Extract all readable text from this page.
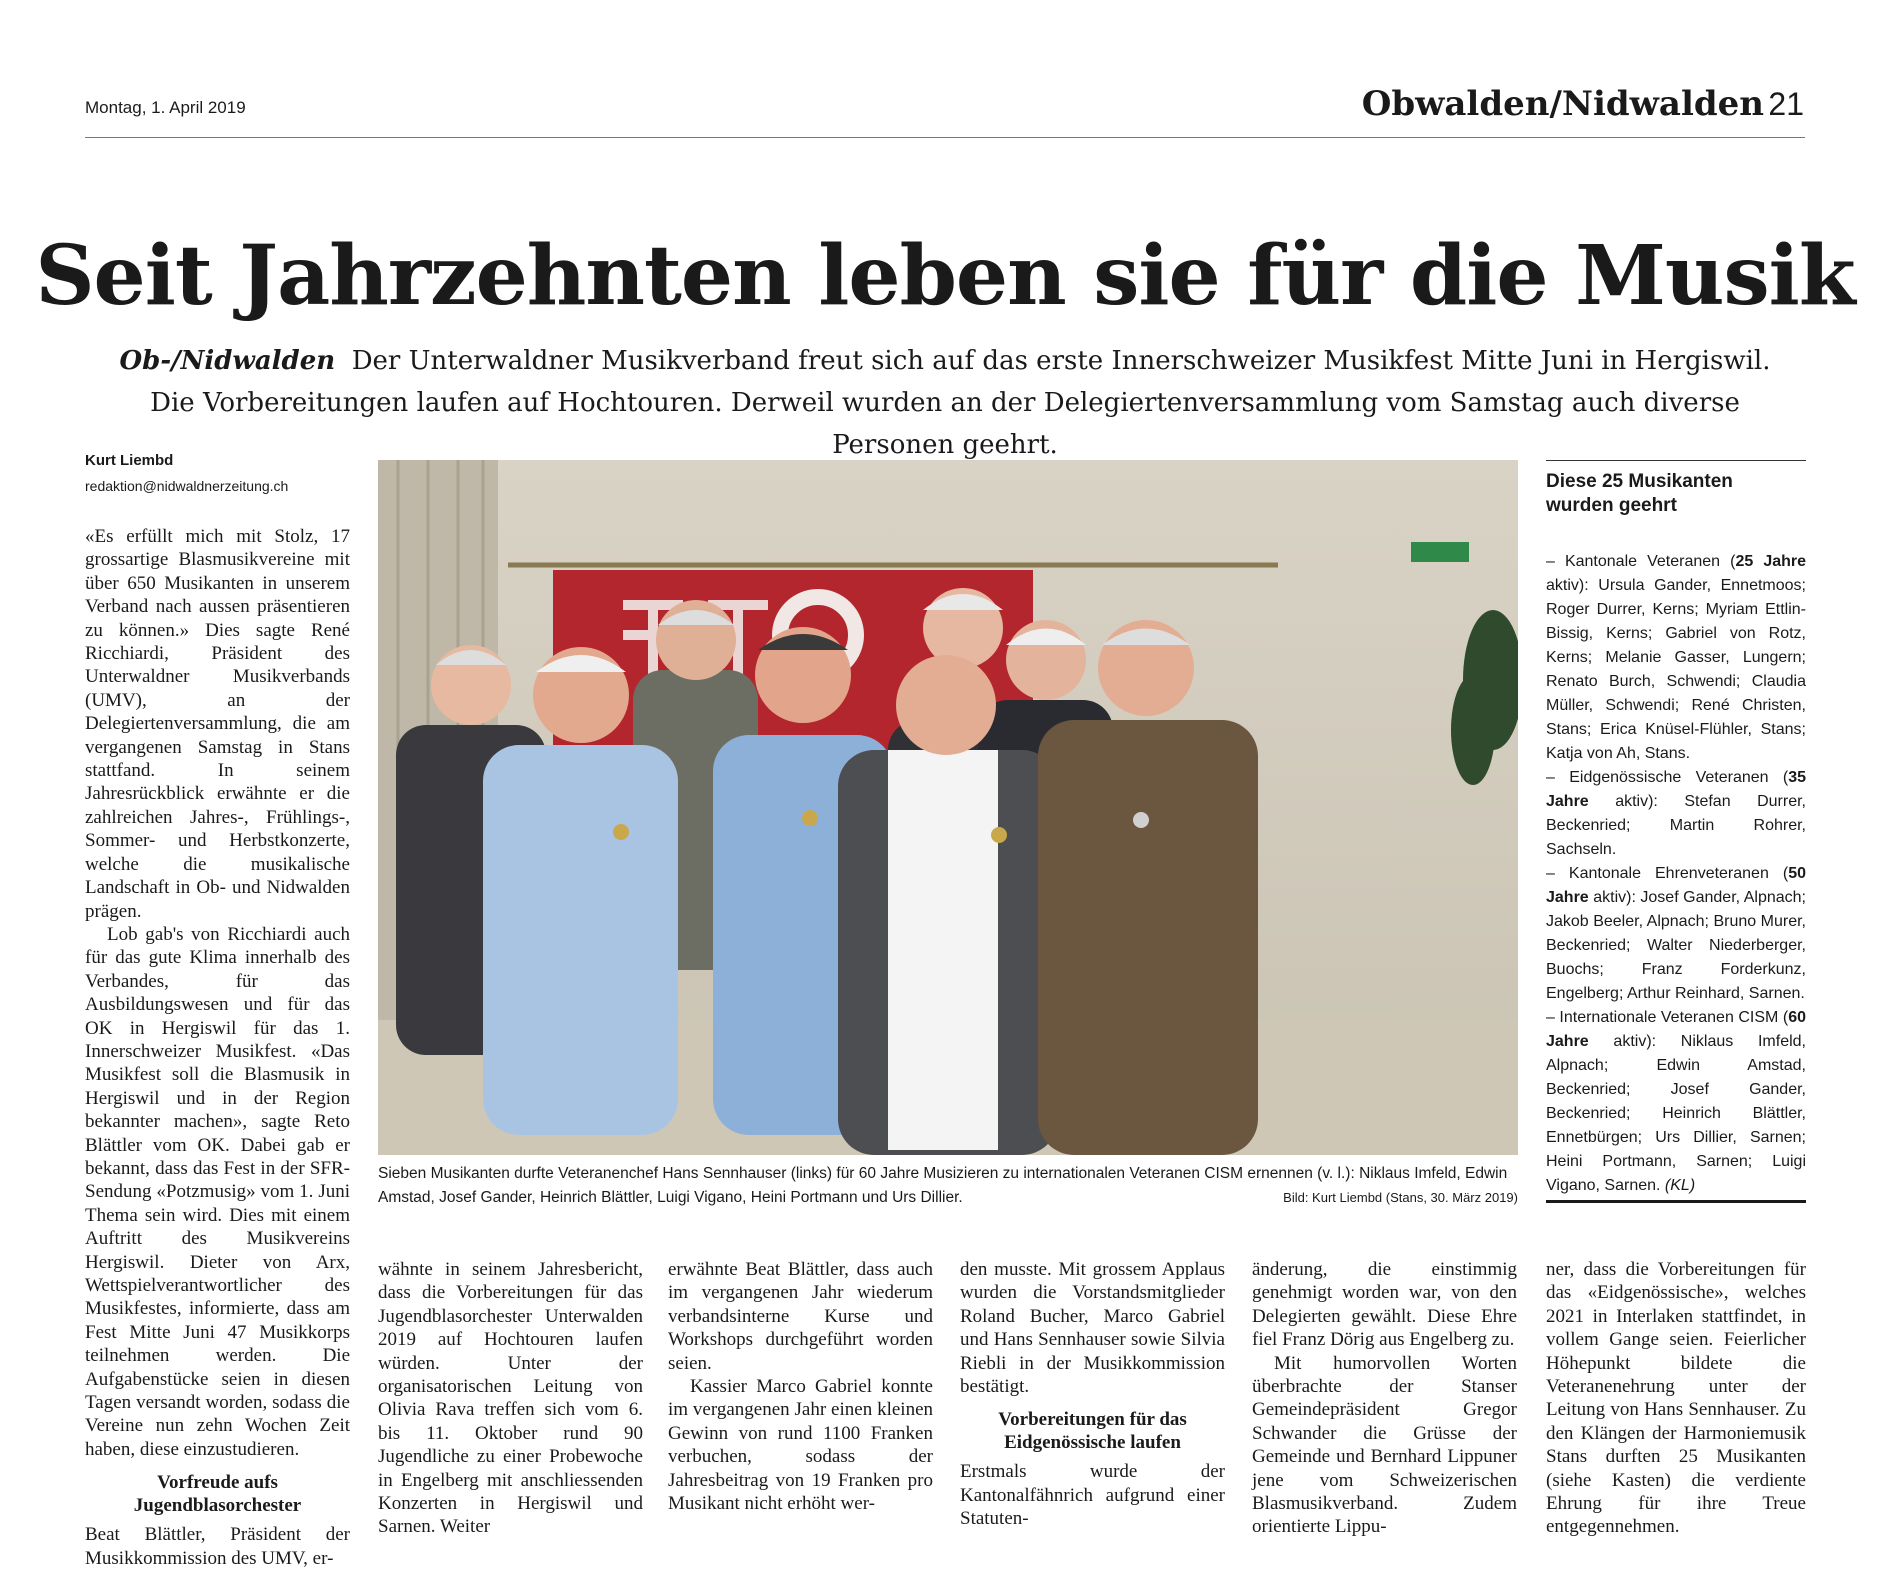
Montag, 1. April 2019	Obwalden/Nidwalden 21
Seit Jahrzehnten leben sie für die Musik
Ob-/Nidwalden Der Unterwaldner Musikverband freut sich auf das erste Innerschweizer Musikfest Mitte Juni in Hergiswil. Die Vorbereitungen laufen auf Hochtouren. Derweil wurden an der Delegiertenversammlung vom Samstag auch diverse Personen geehrt.
Kurt Liembd
redaktion@nidwaldnerzeitung.ch

«Es erfüllt mich mit Stolz, 17 grossartige Blasmusikvereine mit über 650 Musikanten in unserem Verband nach aussen präsentieren zu können.» Dies sagte René Ricchiardi, Präsident des Unterwaldner Musikverbands (UMV), an der Delegiertenversammlung, die am vergangenen Samstag in Stans stattfand. In seinem Jahresrückblick erwähnte er die zahlreichen Jahres-, Frühlings-, Sommer- und Herbstkonzerte, welche die musikalische Landschaft in Ob- und Nidwalden prägen.

Lob gab's von Ricchiardi auch für das gute Klima innerhalb des Verbandes, für das Ausbildungswesen und für das OK in Hergiswil für das 1. Innerschweizer Musikfest. «Das Musikfest soll die Blasmusik in Hergiswil und in der Region bekannter machen», sagte Reto Blättler vom OK. Dabei gab er bekannt, dass das Fest in der SFR-Sendung «Potzmusig» vom 1. Juni Thema sein wird. Dies mit einem Auftritt des Musikvereins Hergiswil. Dieter von Arx, Wettspielverantwortlicher des Musikfestes, informierte, dass am Fest Mitte Juni 47 Musikkorps teilnehmen werden. Die Aufgabenstücke seien in diesen Tagen versandt worden, sodass die Vereine nun zehn Wochen Zeit haben, diese einzustudieren.

Vorfreude aufs Jugendblasorchester

Beat Blättler, Präsident der Musikkommission des UMV, er-

Sieben Musikanten durfte Veteranenchef Hans Sennhauser (links) für 60 Jahre Musizieren zu internationalen Veteranen CISM ernennen (v. l.): Niklaus Imfeld, Edwin Amstad, Josef Gander, Heinrich Blättler, Luigi Vigano, Heini Portmann und Urs Dillier.	Bild: Kurt Liembd (Stans, 30. März 2019)

wähnte in seinem Jahresbericht, dass die Vorbereitungen für das Jugendblasorchester Unterwalden 2019 auf Hochtouren laufen würden. Unter der organisatorischen Leitung von Olivia Rava treffen sich vom 6. bis 11. Oktober rund 90 Jugendliche zu einer Probewoche in Engelberg mit anschliessenden Konzerten in Hergiswil und Sarnen. Weiter

erwähnte Beat Blättler, dass auch im vergangenen Jahr wiederum verbandsinterne Kurse und Workshops durchgeführt worden seien.

Kassier Marco Gabriel konnte im vergangenen Jahr einen kleinen Gewinn von rund 1100 Franken verbuchen, sodass der Jahresbeitrag von 19 Franken pro Musikant nicht erhöht wer-

den musste. Mit grossem Applaus wurden die Vorstandsmitglieder Roland Bucher, Marco Gabriel und Hans Sennhauser sowie Silvia Riebli in der Musikkommission bestätigt.

Vorbereitungen für das Eidgenössische laufen

Erstmals wurde der Kantonalfähnrich aufgrund einer Statuten-

änderung, die einstimmig genehmigt worden war, von den Delegierten gewählt. Diese Ehre fiel Franz Dörig aus Engelberg zu.

Mit humorvollen Worten überbrachte der Stanser Gemeindepräsident Gregor Schwander die Grüsse der Gemeinde und Bernhard Lippuner jene vom Schweizerischen Blasmusikverband. Zudem orientierte Lippu-

ner, dass die Vorbereitungen für das «Eidgenössische», welches 2021 in Interlaken stattfindet, in vollem Gange seien. Feierlicher Höhepunkt bildete die Veteranenehrung unter der Leitung von Hans Sennhauser. Zu den Klängen der Harmoniemusik Stans durften 25 Musikanten (siehe Kasten) die verdiente Ehrung für ihre Treue entgegennehmen.

Diese 25 Musikanten wurden geehrt

– Kantonale Veteranen (25 Jahre aktiv): Ursula Gander, Ennetmoos; Roger Durrer, Kerns; Myriam Ettlin-Bissig, Kerns; Gabriel von Rotz, Kerns; Melanie Gasser, Lungern; Renato Burch, Schwendi; Claudia Müller, Schwendi; René Christen, Stans; Erica Knüsel-Flühler, Stans; Katja von Ah, Stans.

– Eidgenössische Veteranen (35 Jahre aktiv): Stefan Durrer, Beckenried; Martin Rohrer, Sachseln.

– Kantonale Ehrenveteranen (50 Jahre aktiv): Josef Gander, Alpnach; Jakob Beeler, Alpnach; Bruno Murer, Beckenried; Walter Niederberger, Buochs; Franz Forderkunz, Engelberg; Arthur Reinhard, Sarnen.

– Internationale Veteranen CISM (60 Jahre aktiv): Niklaus Imfeld, Alpnach; Edwin Amstad, Beckenried; Josef Gander, Beckenried; Heinrich Blättler, Ennetbürgen; Urs Dillier, Sarnen; Heini Portmann, Sarnen; Luigi Vigano, Sarnen. (KL)
